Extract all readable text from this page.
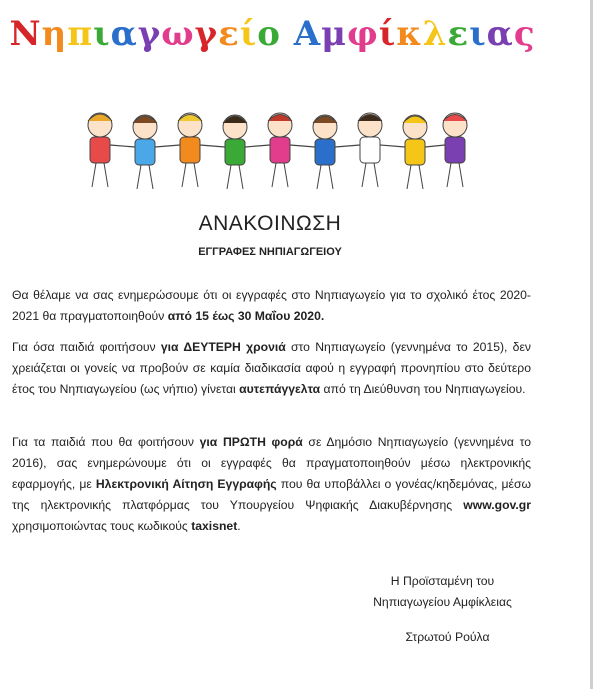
Νηπιαγωγείο Αμφίκλειας
ΑΝΑΚΟΙΝΩΣΗ
ΕΓΓΡΑΦΕΣ ΝΗΠΙΑΓΩΓΕΙΟΥ
Θα θέλαμε να σας ενημερώσουμε ότι οι εγγραφές στο Νηπιαγωγείο για το σχολικό έτος 2020-2021 θα πραγματοποιηθούν από 15 έως 30 Μαΐου 2020.
Για όσα παιδιά φοιτήσουν για ΔΕΥΤΕΡΗ χρονιά στο Νηπιαγωγείο (γεννημένα το 2015), δεν χρειάζεται οι γονείς να προβούν σε καμία διαδικασία αφού η εγγραφή προνηπίου στο δεύτερο έτος του Νηπιαγωγείου (ως νήπιο) γίνεται αυτεπάγγελτα από τη Διεύθυνση του Νηπιαγωγείου.
Για τα παιδιά που θα φοιτήσουν για ΠΡΩΤΗ φορά σε Δημόσιο Νηπιαγωγείο (γεννημένα το 2016), σας ενημερώνουμε ότι οι εγγραφές θα πραγματοποιηθούν μέσω ηλεκτρονικής εφαρμογής, με Ηλεκτρονική Αίτηση Εγγραφής που θα υποβάλλει ο γονέας/κηδεμόνας, μέσω της ηλεκτρονικής πλατφόρμας του Υπουργείου Ψηφιακής Διακυβέρνησης www.gov.gr χρησιμοποιώντας τους κωδικούς taxisnet.
Η Προϊσταμένη του
Νηπιαγωγείου Αμφίκλειας
Στρωτού Ρούλα
